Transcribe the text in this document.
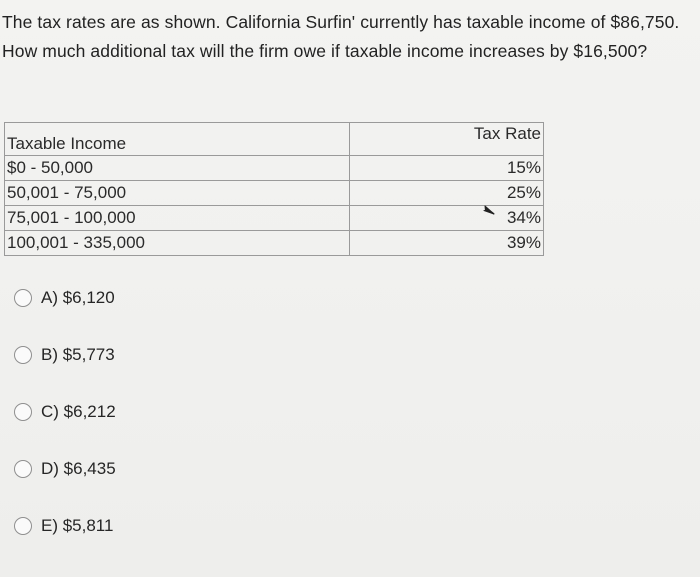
The tax rates are as shown. California Surfin' currently has taxable income of $86,750. How much additional tax will the firm owe if taxable income increases by $16,500?
Taxable Income	Tax Rate
$0 - 50,000	15%
50,001 - 75,000	25%
75,001 - 100,000	34%
100,001 - 335,000	39%
A) $6,120
B) $5,773
C) $6,212
D) $6,435
E) $5,811
